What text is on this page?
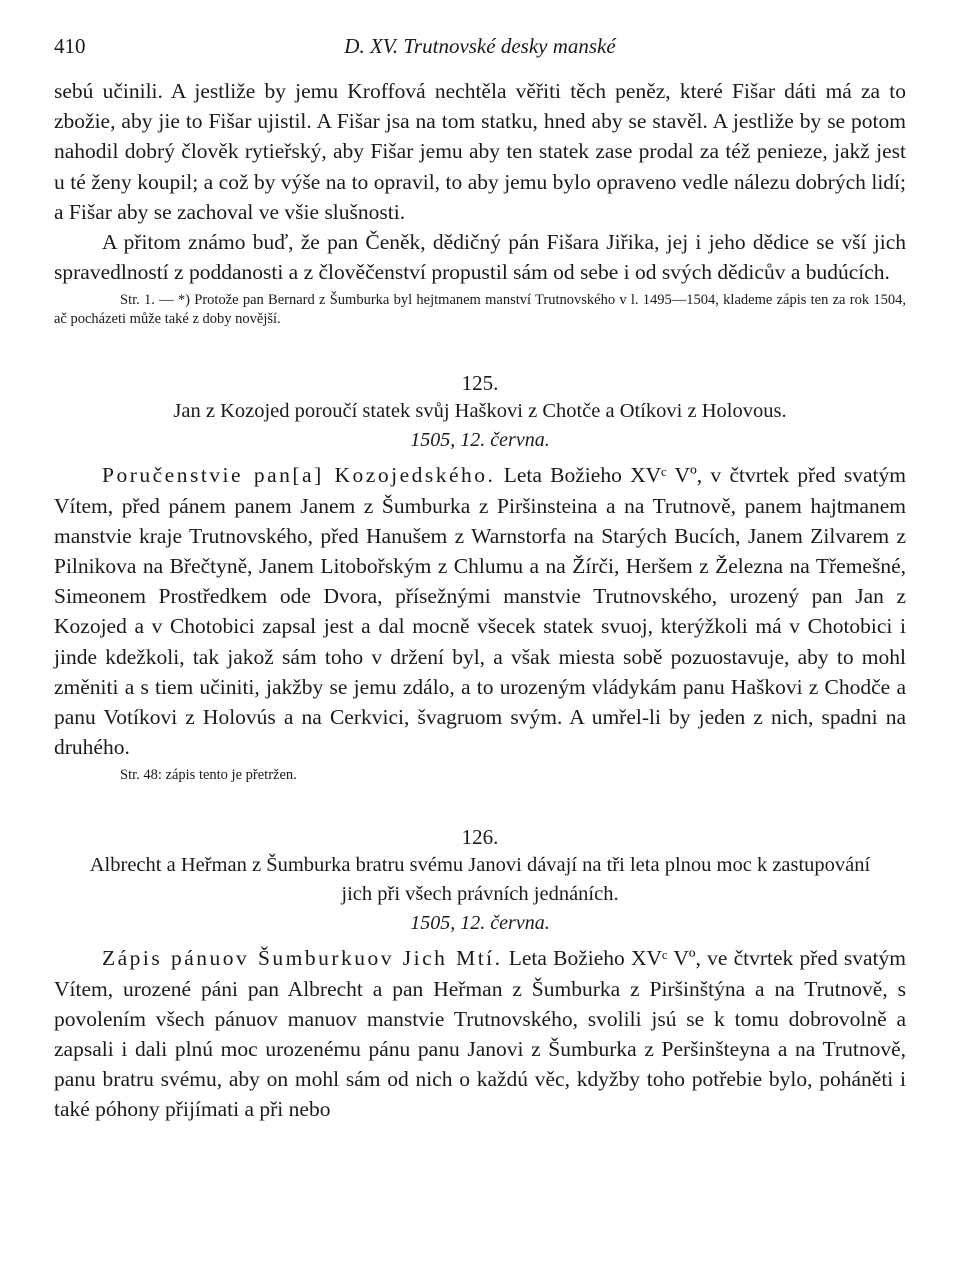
410	D. XV. Trutnovské desky manské

sebú učinili. A jestliže by jemu Kroffová nechtěla věřiti těch peněz, které Fišar dáti má za to zbožie, aby jie to Fišar ujistil. A Fišar jsa na tom statku, hned aby se stavěl. A jestliže by se potom nahodil dobrý člověk rytieřský, aby Fišar jemu aby ten statek zase prodal za též penieze, jakž jest u té ženy koupil; a což by výše na to opravil, to aby jemu bylo opraveno vedle nálezu dobrých lidí; a Fišar aby se zachoval ve všie slušnosti.

A přitom známo buď, že pan Čeněk, dědičný pán Fišara Jiřika, jej i jeho dědice se vší jich spravedlností z poddanosti a z člověčenství propustil sám od sebe i od svých dědicův a budúcích.

Str. 1. — *) Protože pan Bernard z Šumburka byl hejtmanem manství Trutnovského v l. 1495—1504, klademe zápis ten za rok 1504, ač pocházeti může také z doby novější.

125.

Jan z Kozojed poroučí statek svůj Haškovi z Chotče a Otíkovi z Holovous.

1505, 12. června.

Poručenstvie pan[a] Kozojedského. Leta Božieho XVᶜ Vº, v čtvrtek před svatým Vítem, před pánem panem Janem z Šumburka z Piršinsteina a na Trutnově, panem hajtmanem manstvie kraje Trutnovského, před Hanušem z Warnstorfa na Starých Bucích, Janem Zilvarem z Pilnikova na Břečtyně, Janem Litobořským z Chlumu a na Žírči, Heršem z Železna na Třemešné, Simeonem Prostředkem ode Dvora, přísežnými manstvie Trutnovského, urozený pan Jan z Kozojed a v Chotobici zapsal jest a dal mocně všecek statek svuoj, kterýžkoli má v Chotobici i jinde kdežkoli, tak jakož sám toho v držení byl, a však miesta sobě pozuostavuje, aby to mohl změniti a s tiem učiniti, jakžby se jemu zdálo, a to urozeným vládykám panu Haškovi z Chodče a panu Votíkovi z Holovús a na Cerkvici, švagruom svým. A umřel-li by jeden z nich, spadni na druhého.

Str. 48: zápis tento je přetržen.

126.

Albrecht a Heřman z Šumburka bratru svému Janovi dávají na tři leta plnou moc k zastupování jich při všech právních jednáních.

1505, 12. června.

Zápis pánuov Šumburkuov Jich Mtí. Leta Božieho XVᶜ Vº, ve čtvrtek před svatým Vítem, urozené páni pan Albrecht a pan Heřman z Šumburka z Piršinštýna a na Trutnově, s povolením všech pánuov manuov manstvie Trutnovského, svolili jsú se k tomu dobrovolně a zapsali i dali plnú moc urozenému pánu panu Janovi z Šumburka z Peršinšteyna a na Trutnově, panu bratru svému, aby on mohl sám od nich o každú věc, kdyžby toho potřebie bylo, poháněti i také póhony přijímati a při nebo
